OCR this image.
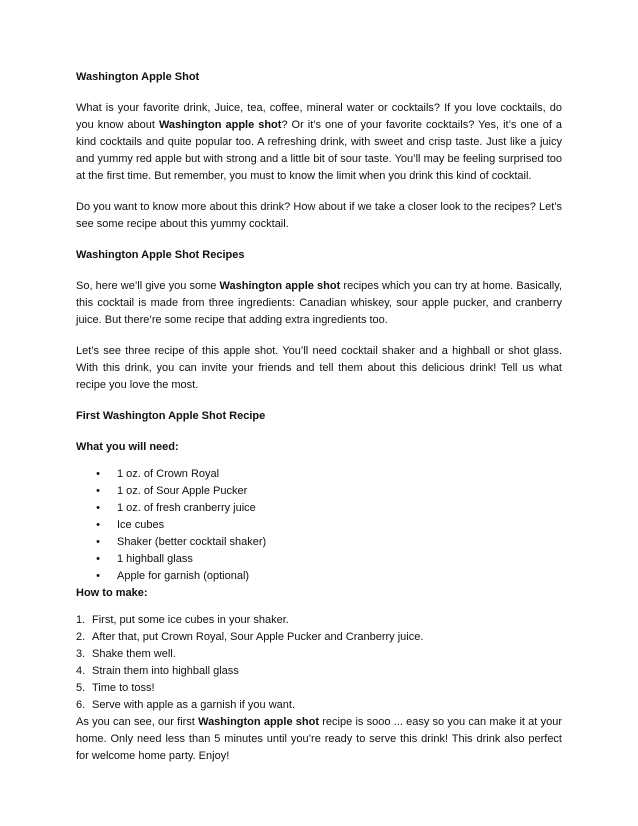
Washington Apple Shot

What is your favorite drink, Juice, tea, coffee, mineral water or cocktails? If you love cocktails, do you know about Washington apple shot? Or it’s one of your favorite cocktails? Yes, it’s one of a kind cocktails and quite popular too. A refreshing drink, with sweet and crisp taste. Just like a juicy and yummy red apple but with strong and a little bit of sour taste. You’ll may be feeling surprised too at the first time. But remember, you must to know the limit when you drink this kind of cocktail.

Do you want to know more about this drink? How about if we take a closer look to the recipes? Let’s see some recipe about this yummy cocktail.

Washington Apple Shot Recipes

So, here we’ll give you some Washington apple shot recipes which you can try at home. Basically, this cocktail is made from three ingredients: Canadian whiskey, sour apple pucker, and cranberry juice. But there’re some recipe that adding extra ingredients too.

Let’s see three recipe of this apple shot. You’ll need cocktail shaker and a highball or shot glass. With this drink, you can invite your friends and tell them about this delicious drink! Tell us what recipe you love the most.

First Washington Apple Shot Recipe
What you will need:
• 1 oz. of Crown Royal
• 1 oz. of Sour Apple Pucker
• 1 oz. of fresh cranberry juice
• Ice cubes
• Shaker (better cocktail shaker)
• 1 highball glass
• Apple for garnish (optional)
How to make:
1. First, put some ice cubes in your shaker.
2. After that, put Crown Royal, Sour Apple Pucker and Cranberry juice.
3. Shake them well.
4. Strain them into highball glass
5. Time to toss!
6. Serve with apple as a garnish if you want.

As you can see, our first Washington apple shot recipe is sooo ... easy so you can make it at your home. Only need less than 5 minutes until you’re ready to serve this drink! This drink also perfect for welcome home party. Enjoy!
